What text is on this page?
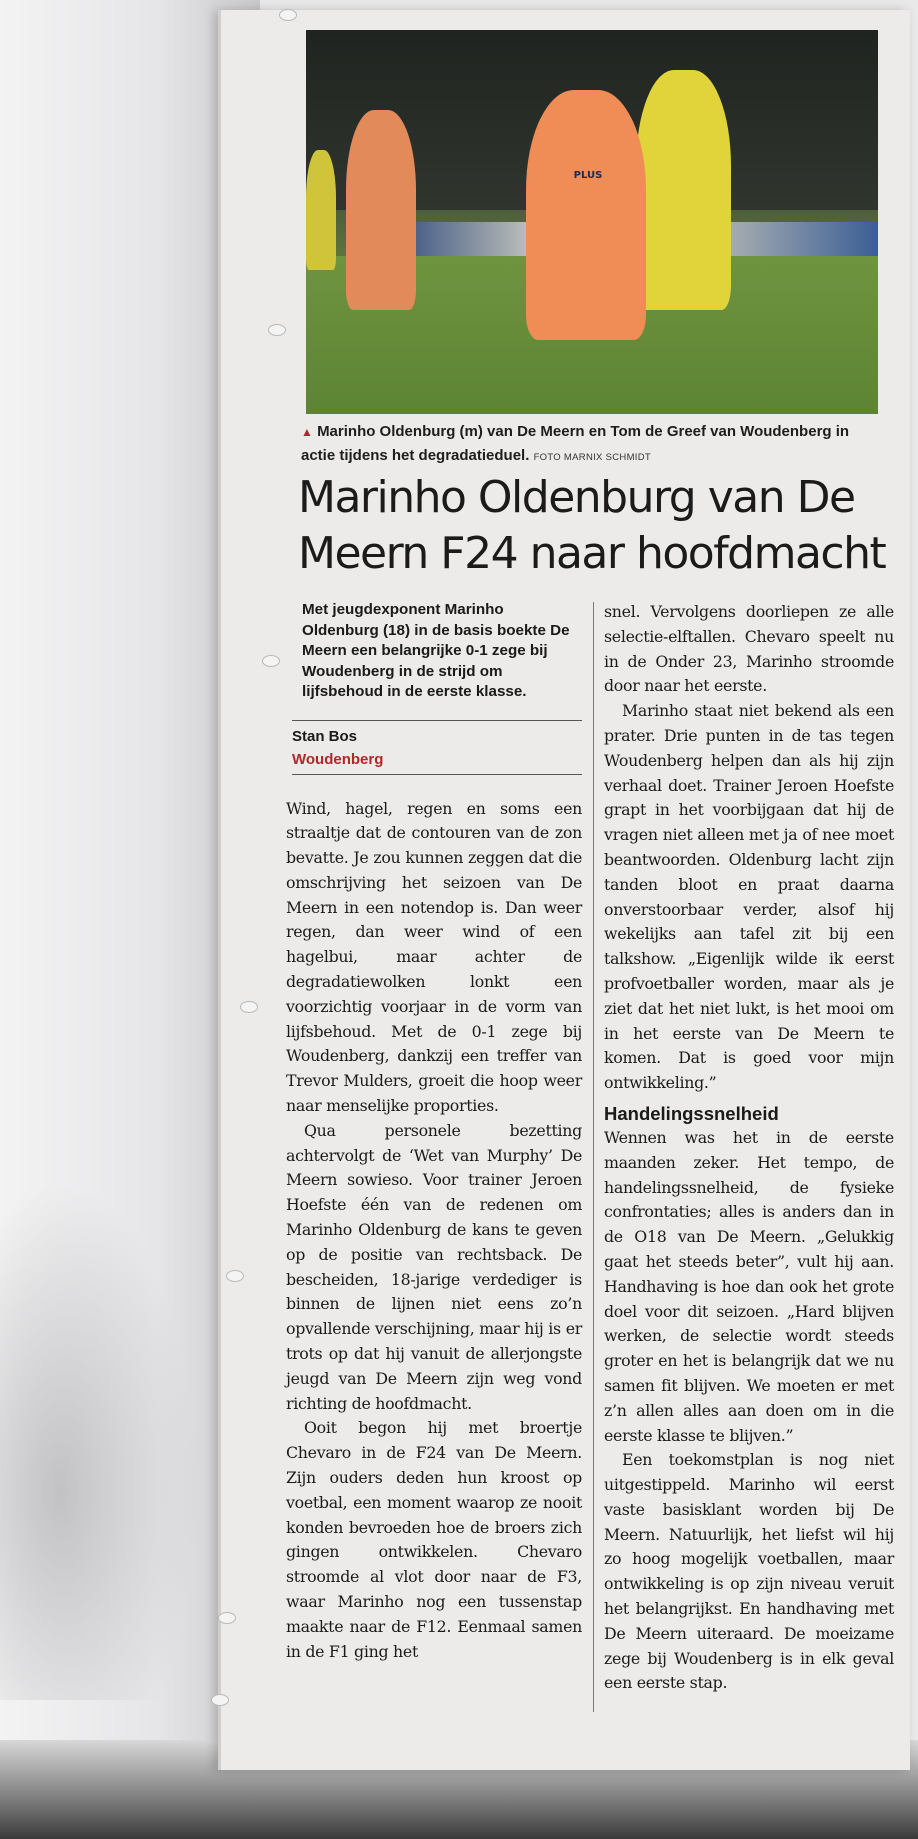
PLUS
▲ Marinho Oldenburg (m) van De Meern en Tom de Greef van Woudenberg in actie tijdens het degradatieduel. FOTO MARNIX SCHMIDT
Marinho Oldenburg van De Meern F24 naar hoofdmacht

Met jeugdexponent Marinho Oldenburg (18) in de basis boekte De Meern een belangrijke 0-1 zege bij Woudenberg in de strijd om lijfsbehoud in de eerste klasse.

Stan Bos

Woudenberg

Wind, hagel, regen en soms een straaltje dat de contouren van de zon bevatte. Je zou kunnen zeggen dat die omschrijving het seizoen van De Meern in een notendop is. Dan weer regen, dan weer wind of een hagelbui, maar achter de degradatiewolken lonkt een voorzichtig voorjaar in de vorm van lijfsbehoud. Met de 0-1 zege bij Woudenberg, dankzij een treffer van Trevor Mulders, groeit die hoop weer naar menselijke proporties.

Qua personele bezetting achtervolgt de ‘Wet van Murphy’ De Meern sowieso. Voor trainer Jeroen Hoefste één van de redenen om Marinho Oldenburg de kans te geven op de positie van rechtsback. De bescheiden, 18-jarige verdediger is binnen de lijnen niet eens zo’n opvallende verschijning, maar hij is er trots op dat hij vanuit de allerjongste jeugd van De Meern zijn weg vond richting de hoofdmacht.

Ooit begon hij met broertje Chevaro in de F24 van De Meern. Zijn ouders deden hun kroost op voetbal, een moment waarop ze nooit konden bevroeden hoe de broers zich gingen ontwikkelen. Chevaro stroomde al vlot door naar de F3, waar Marinho nog een tussenstap maakte naar de F12. Eenmaal samen in de F1 ging het

snel. Vervolgens doorliepen ze alle selectie-elftallen. Chevaro speelt nu in de Onder 23, Marinho stroomde door naar het eerste.

Marinho staat niet bekend als een prater. Drie punten in de tas tegen Woudenberg helpen dan als hij zijn verhaal doet. Trainer Jeroen Hoefste grapt in het voorbijgaan dat hij de vragen niet alleen met ja of nee moet beantwoorden. Oldenburg lacht zijn tanden bloot en praat daarna onverstoorbaar verder, alsof hij wekelijks aan tafel zit bij een talkshow. „Eigenlijk wilde ik eerst profvoetballer worden, maar als je ziet dat het niet lukt, is het mooi om in het eerste van De Meern te komen. Dat is goed voor mijn ontwikkeling.”

Handelingssnelheid

Wennen was het in de eerste maanden zeker. Het tempo, de handelingssnelheid, de fysieke confrontaties; alles is anders dan in de O18 van De Meern. „Gelukkig gaat het steeds beter”, vult hij aan. Handhaving is hoe dan ook het grote doel voor dit seizoen. „Hard blijven werken, de selectie wordt steeds groter en het is belangrijk dat we nu samen fit blijven. We moeten er met z’n allen alles aan doen om in die eerste klasse te blijven.”

Een toekomstplan is nog niet uitgestippeld. Marinho wil eerst vaste basisklant worden bij De Meern. Natuurlijk, het liefst wil hij zo hoog mogelijk voetballen, maar ontwikkeling is op zijn niveau veruit het belangrijkst. En handhaving met De Meern uiteraard. De moeizame zege bij Woudenberg is in elk geval een eerste stap.
